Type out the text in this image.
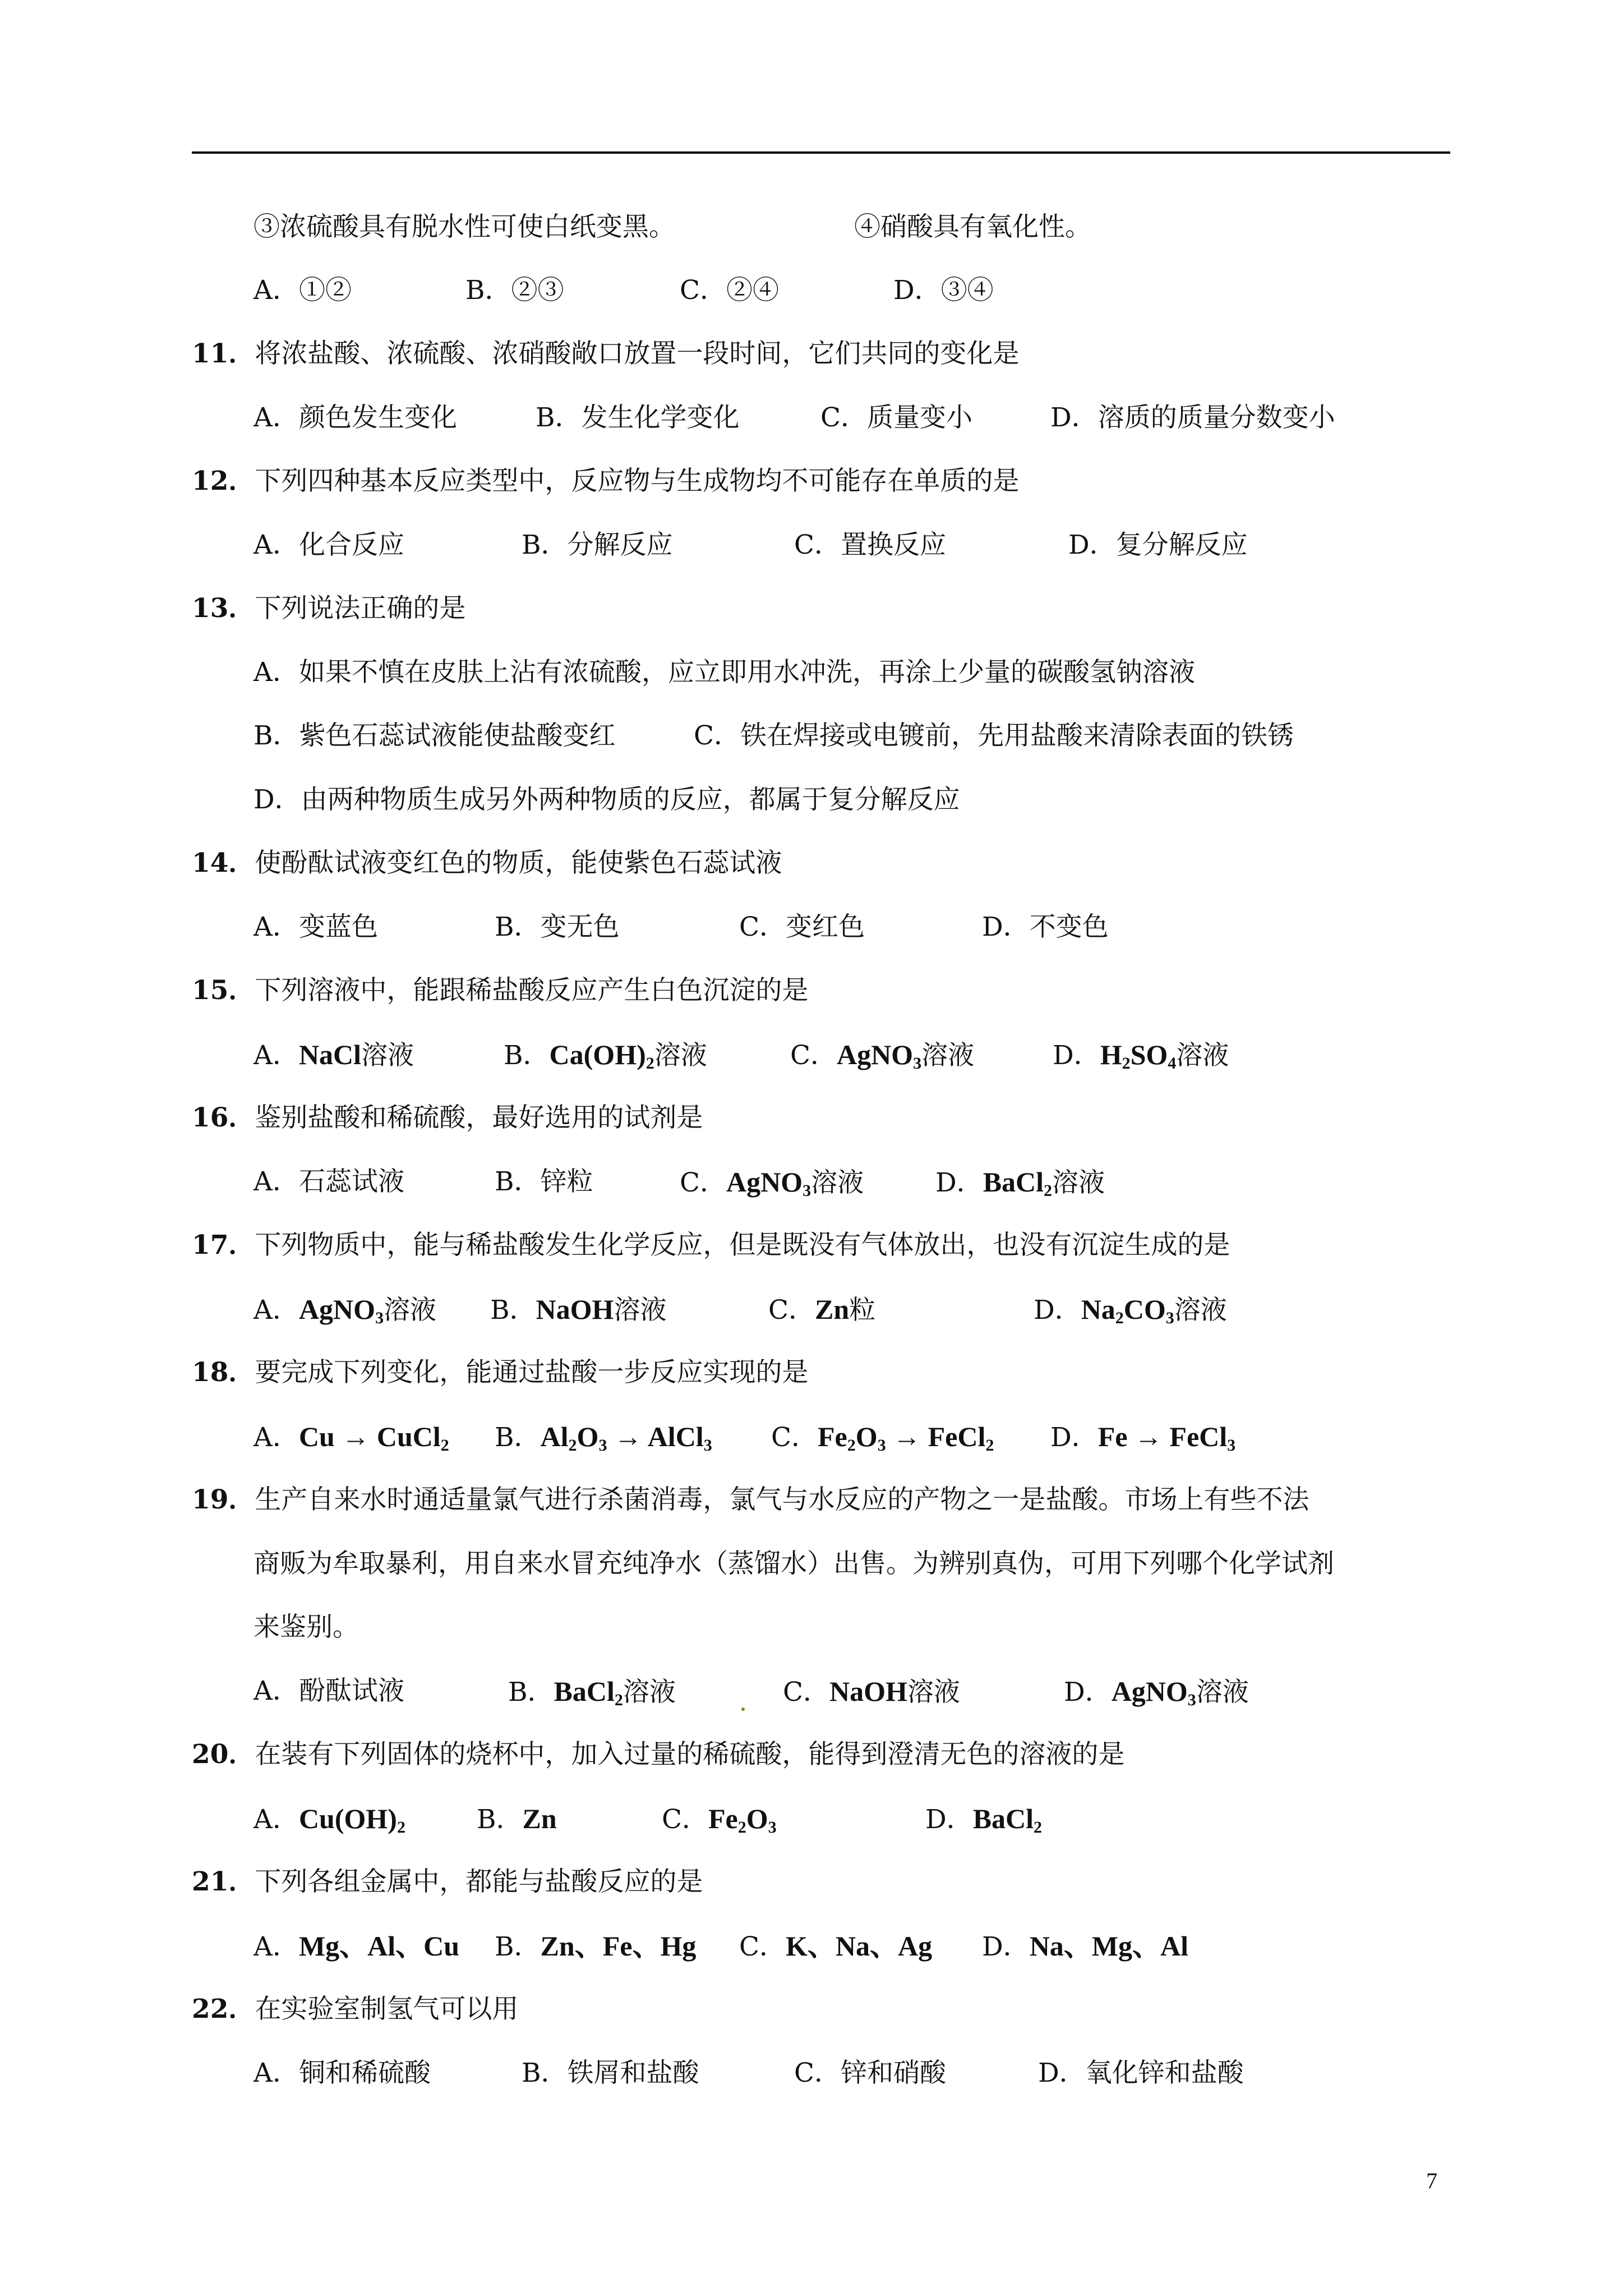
③浓硫酸具有脱水性可使白纸变黑。	④硝酸具有氧化性。
A．①②	B．②③	C．②④	D．③④
11．将浓盐酸、浓硫酸、浓硝酸敞口放置一段时间，它们共同的变化是
A．颜色发生变化	B．发生化学变化	C．质量变小	D．溶质的质量分数变小
12．下列四种基本反应类型中，反应物与生成物均不可能存在单质的是
A．化合反应	B．分解反应	C．置换反应	D．复分解反应
13．下列说法正确的是
A．如果不慎在皮肤上沾有浓硫酸，应立即用水冲洗，再涂上少量的碳酸氢钠溶液
B．紫色石蕊试液能使盐酸变红	C．铁在焊接或电镀前，先用盐酸来清除表面的铁锈
D．由两种物质生成另外两种物质的反应，都属于复分解反应
14．使酚酞试液变红色的物质，能使紫色石蕊试液
A．变蓝色	B．变无色	C．变红色	D．不变色
15．下列溶液中，能跟稀盐酸反应产生白色沉淀的是
A．NaCl溶液	B．$Ca(OH)_2$溶液	C．AgNO$_3$溶液	D．$H_2SO_4$溶液
16．鉴别盐酸和稀硫酸，最好选用的试剂是
A．石蕊试液	B．锌粒	C．AgNO$_3$溶液	D．BaCl$_2$溶液
17．下列物质中，能与稀盐酸发生化学反应，但是既没有气体放出，也没有沉淀生成的是
A．AgNO$_3$溶液 B．NaOH溶液	C．Zn粒	D．$Na_2CO_3$溶液
18．要完成下列变化，能通过盐酸一步反应实现的是
A．Cu → CuCl$_2$ B．$Al_2O_3$ → AlCl$_3$ C．$Fe_2O_3$ → FeCl$_2$ D．Fe → FeCl$_3$
19．生产自来水时通适量氯气进行杀菌消毒，氯气与水反应的产物之一是盐酸。市场上有些不法
商贩为牟取暴利，用自来水冒充纯净水（蒸馏水）出售。为辨别真伪，可用下列哪个化学试剂
来鉴别。
A．酚酞试液	B．BaCl$_2$溶液	C．NaOH溶液	D．AgNO$_3$溶液
20．在装有下列固体的烧杯中，加入过量的稀硫酸，能得到澄清无色的溶液的是
A．$Cu(OH)_2$	B．Zn	C．$Fe_2O_3$	D．BaCl$_2$
21．下列各组金属中，都能与盐酸反应的是
A．Mg、Al、Cu B．Zn、Fe、Hg C．K、Na、Ag D．Na、Mg、Al
22．在实验室制氢气可以用
A．铜和稀硫酸	B．铁屑和盐酸	C．锌和硝酸	D．氧化锌和盐酸
7
